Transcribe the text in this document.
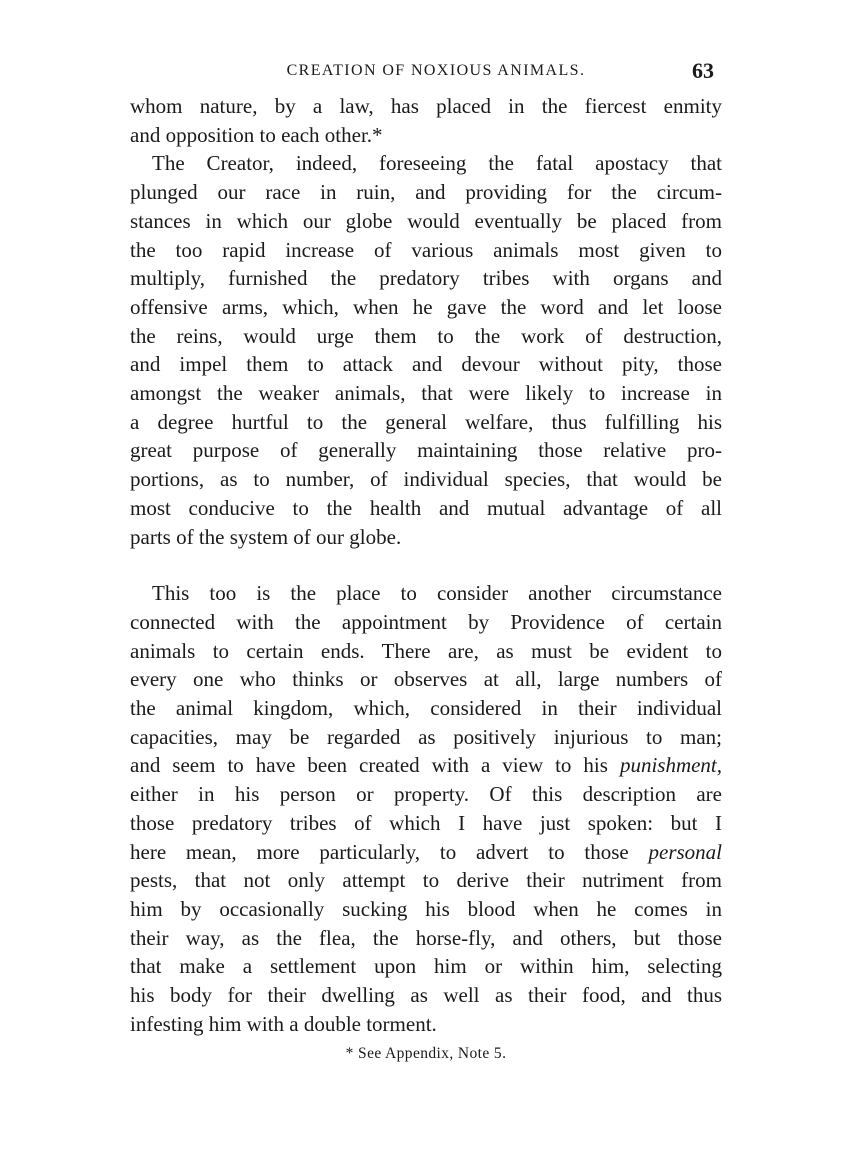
CREATION OF NOXIOUS ANIMALS.	63

whom nature, by a law, has placed in the fiercest enmity
and opposition to each other.*

The Creator, indeed, foreseeing the fatal apostacy that
plunged our race in ruin, and providing for the circum-
stances in which our globe would eventually be placed from
the too rapid increase of various animals most given to
multiply, furnished the predatory tribes with organs and
offensive arms, which, when he gave the word and let loose
the reins, would urge them to the work of destruction,
and impel them to attack and devour without pity, those
amongst the weaker animals, that were likely to increase in
a degree hurtful to the general welfare, thus fulfilling his
great purpose of generally maintaining those relative pro-
portions, as to number, of individual species, that would be
most conducive to the health and mutual advantage of all
parts of the system of our globe.

This too is the place to consider another circumstance
connected with the appointment by Providence of certain
animals to certain ends. There are, as must be evident to
every one who thinks or observes at all, large numbers of
the animal kingdom, which, considered in their individual
capacities, may be regarded as positively injurious to man;
and seem to have been created with a view to his punishment,
either in his person or property. Of this description are
those predatory tribes of which I have just spoken: but I
here mean, more particularly, to advert to those personal
pests, that not only attempt to derive their nutriment from
him by occasionally sucking his blood when he comes in
their way, as the flea, the horse-fly, and others, but those
that make a settlement upon him or within him, selecting
his body for their dwelling as well as their food, and thus
infesting him with a double torment.

* See Appendix, Note 5.
